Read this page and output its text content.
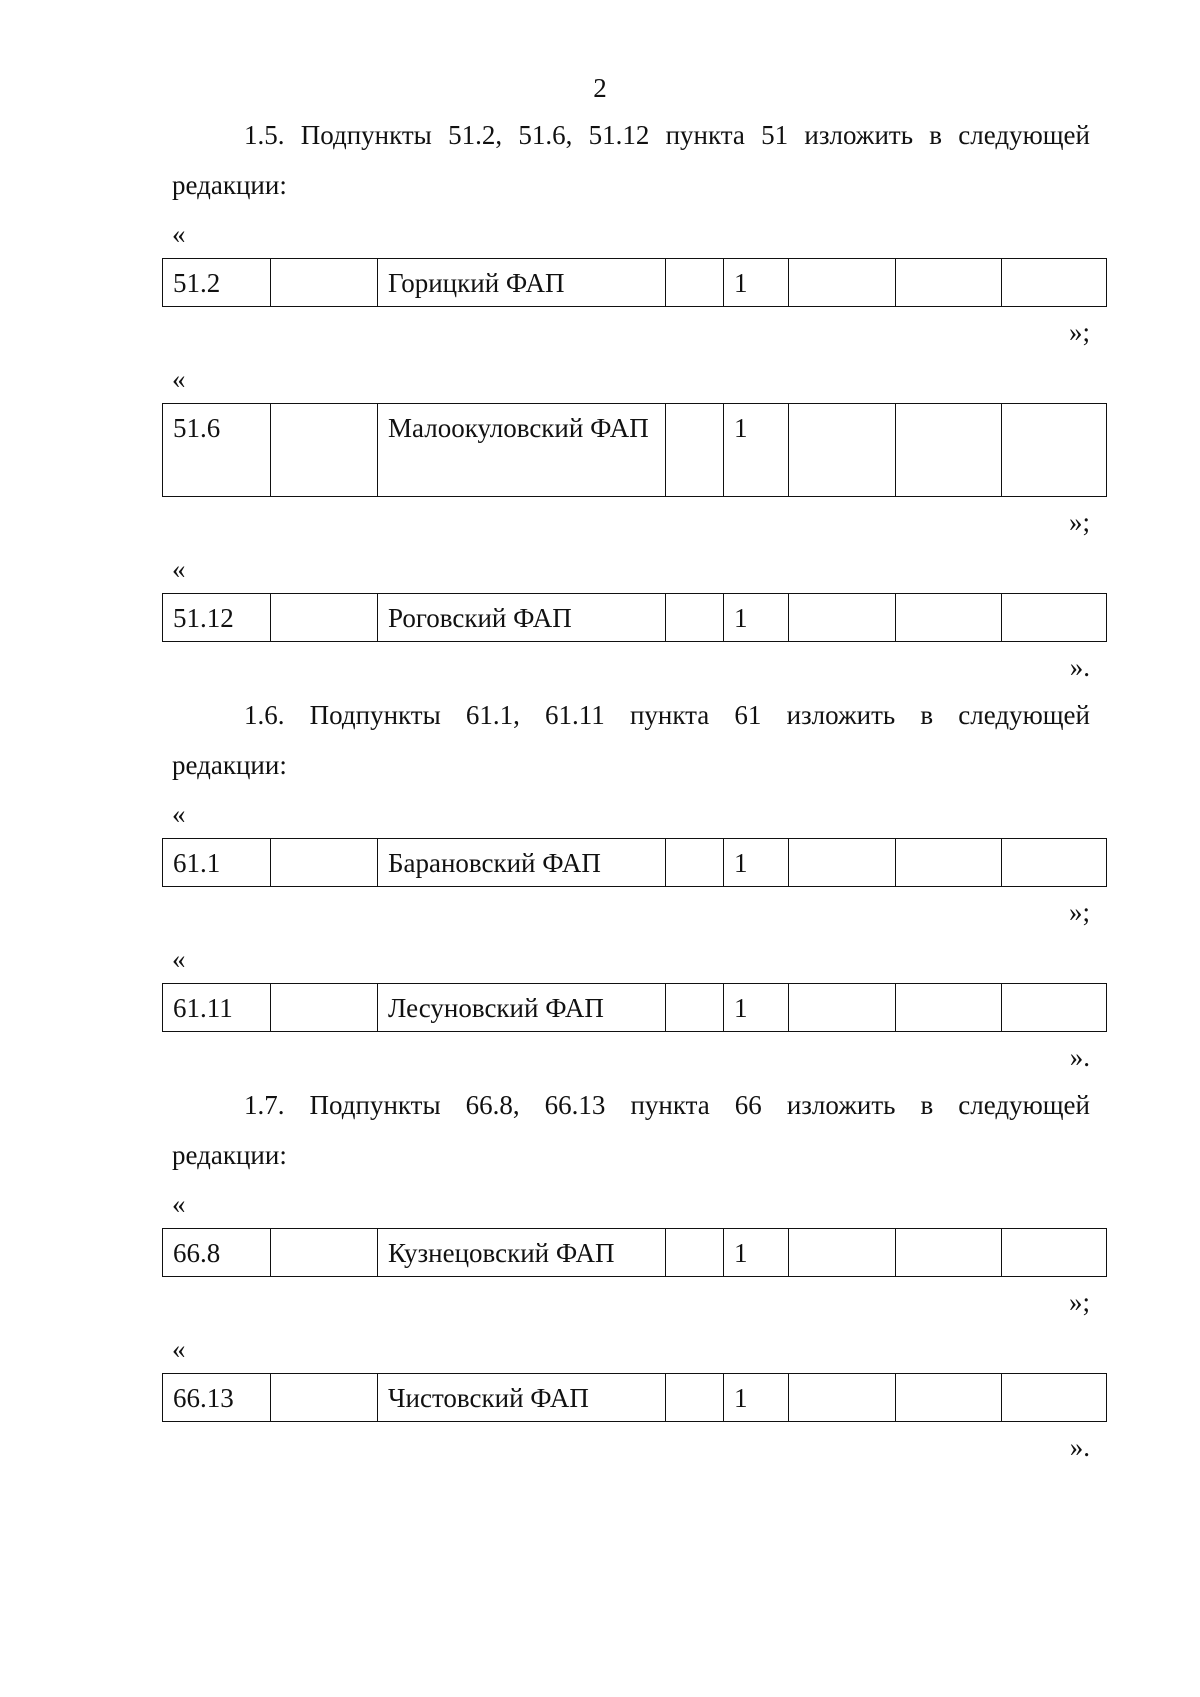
2

1.5. Подпункты 51.2, 51.6, 51.12 пункта 51 изложить в следующей

редакции:

«

51.2		Горицкий ФАП		1			

»;

«

51.6		Малоокуловский ФАП		1			

»;

«

51.12		Роговский ФАП		1			

».

1.6. Подпункты 61.1, 61.11 пункта 61 изложить в следующей

редакции:

«

61.1		Барановский ФАП		1			

»;

«

61.11		Лесуновский ФАП		1			

».

1.7. Подпункты 66.8, 66.13 пункта 66 изложить в следующей

редакции:

«

66.8		Кузнецовский ФАП		1			

»;

«

66.13		Чистовский ФАП		1			

».
